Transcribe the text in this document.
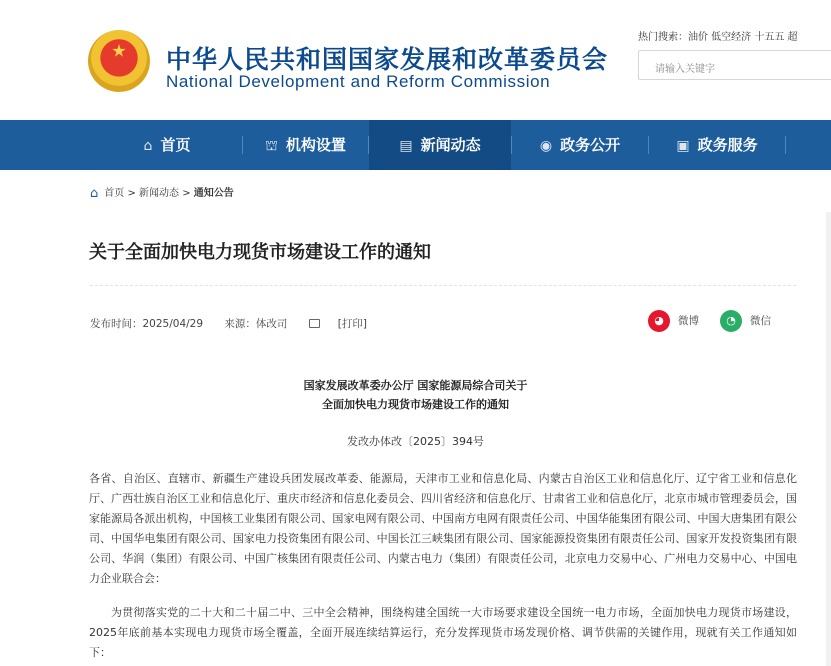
中华人民共和国国家发展和改革委员会
National Development and Reform Commission
热门搜索：油价 低空经济 十五五 超
请输入关键字
⌂ 首页	⛫ 机构设置	▤ 新闻动态	◉ 政务公开	▣ 政务服务
⌂ 首页 > 新闻动态 > 通知公告
关于全面加快电力现货市场建设工作的通知
发布时间：2025/04/29 来源：体改司	[打印]	◕ 微博	◔ 微信
国家发展改革委办公厅 国家能源局综合司关于
全面加快电力现货市场建设工作的通知
发改办体改〔2025〕394号
各省、自治区、直辖市、新疆生产建设兵团发展改革委、能源局，天津市工业和信息化局、内蒙古自治区工业和信息化厅、辽宁省工业和信息化厅、广西壮族自治区工业和信息化厅、重庆市经济和信息化委员会、四川省经济和信息化厅、甘肃省工业和信息化厅，北京市城市管理委员会，国家能源局各派出机构，中国核工业集团有限公司、国家电网有限公司、中国南方电网有限责任公司、中国华能集团有限公司、中国大唐集团有限公司、中国华电集团有限公司、国家电力投资集团有限公司、中国长江三峡集团有限公司、国家能源投资集团有限责任公司、国家开发投资集团有限公司、华润（集团）有限公司、中国广核集团有限责任公司、内蒙古电力（集团）有限责任公司，北京电力交易中心、广州电力交易中心、中国电力企业联合会：
为贯彻落实党的二十大和二十届二中、三中全会精神，围绕构建全国统一大市场要求建设全国统一电力市场，全面加快电力现货市场建设，2025年底前基本实现电力现货市场全覆盖，全面开展连续结算运行，充分发挥现货市场发现价格、调节供需的关键作用，现就有关工作通知如下：
